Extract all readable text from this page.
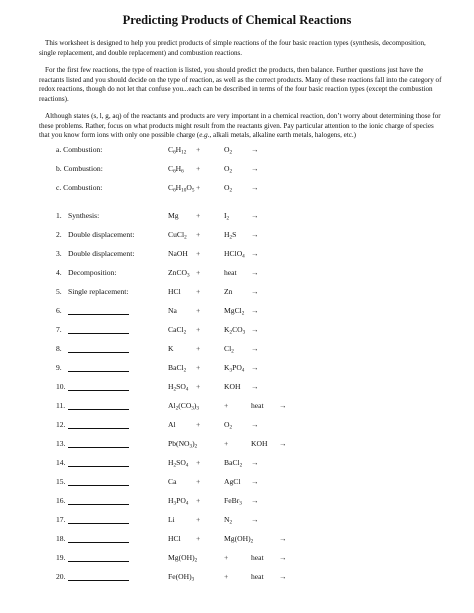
Predicting Products of Chemical Reactions

This worksheet is designed to help you predict products of simple reactions of the four basic reaction types (synthesis, decomposition, single replacement, and double replacement) and combustion reactions.

For the first few reactions, the type of reaction is listed, you should predict the products, then balance. Further questions just have the reactants listed and you should decide on the type of reaction, as well as the correct products. Many of these reactions fall into the category of redox reactions, though do not let that confuse you...each can be described in terms of the four basic reaction types (except the combustion reactions).

Although states (s, l, g, aq) of the reactants and products are very important in a chemical reaction, don’t worry about determining those for these problems. Rather, focus on what products might result from the reactants given. Pay particular attention to the ionic charge of species that you know form ions with only one possible charge (e.g., alkali metals, alkaline earth metals, halogens, etc.)

a. Combustion:	$C_6H_{12}$ +	$O_2$ →
b. Combustion:	$C_6H_6$ +	$O_2$ →
c. Combustion:	$C_6H_{10}O_5$ +	$O_2$ →
1. Synthesis:	Mg +	$I_2$	→
2. Double displacement:	CuCl$_2$ +	$H_2S$ →
3. Double displacement:	NaOH +	HClO$_4$ →
4. Decomposition:	ZnCO$_3$ +	heat →
5. Single replacement:	HCl +	Zn →
6.	Na	+	MgCl$_2$ →
7.	CaCl$_2$ +	$K_2CO_3$ →
8.	K	+	$Cl_2$ →
9.	BaCl$_2$ +	$K_3PO_4$ →
10.	$H_2SO_4$ +	KOH →
11.	$Al_2(CO_3)_3$	+	heat →
12.	Al	+	$O_2$ →
13.	$Pb(NO_3)_2$	+	KOH →
14.	$H_2SO_4$ +	BaCl$_2$ →
15.	Ca	+	AgCl →
16.	$H_3PO_4$ +	FeBr$_3$ →
17.	Li	+	$N_2$ →
18.	HCl +	$Mg(OH)_2$	→
19.	$Mg(OH)_2$	+	heat →
20.	$Fe(OH)_3$	+	heat →
